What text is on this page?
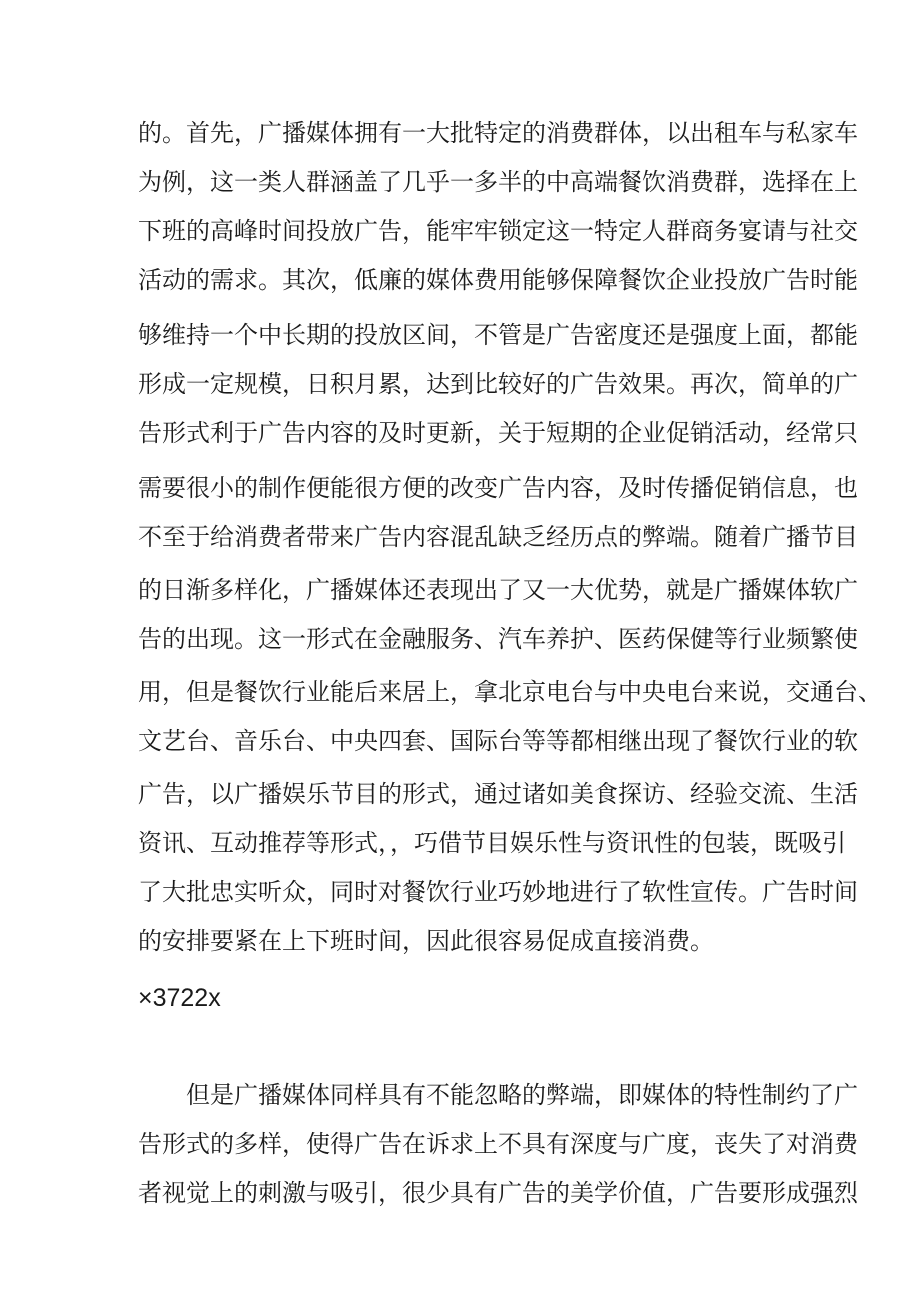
的。首先，广播媒体拥有一大批特定的消费群体，以出租车与私家车
为例，这一类人群涵盖了几乎一多半的中高端餐饮消费群，选择在上
下班的高峰时间投放广告，能牢牢锁定这一特定人群商务宴请与社交
活动的需求。其次，低廉的媒体费用能够保障餐饮企业投放广告时能
够维持一个中长期的投放区间，不管是广告密度还是强度上面，都能
形成一定规模，日积月累，达到比较好的广告效果。再次，简单的广
告形式利于广告内容的及时更新，关于短期的企业促销活动，经常只
需要很小的制作便能很方便的改变广告内容，及时传播促销信息，也
不至于给消费者带来广告内容混乱缺乏经历点的弊端。随着广播节目
的日渐多样化，广播媒体还表现出了又一大优势，就是广播媒体软广
告的出现。这一形式在金融服务、汽车养护、医药保健等行业频繁使
用，但是餐饮行业能后来居上，拿北京电台与中央电台来说，交通台、
文艺台、音乐台、中央四套、国际台等等都相继出现了餐饮行业的软
广告，以广播娱乐节目的形式，通过诸如美食探访、经验交流、生活
资讯、互动推荐等形式，，巧借节目娱乐性与资讯性的包装，既吸引
了大批忠实听众，同时对餐饮行业巧妙地进行了软性宣传。广告时间
的安排要紧在上下班时间，因此很容易促成直接消费。
×3722x
　　但是广播媒体同样具有不能忽略的弊端，即媒体的特性制约了广
告形式的多样，使得广告在诉求上不具有深度与广度，丧失了对消费
者视觉上的刺激与吸引，很少具有广告的美学价值，广告要形成强烈
